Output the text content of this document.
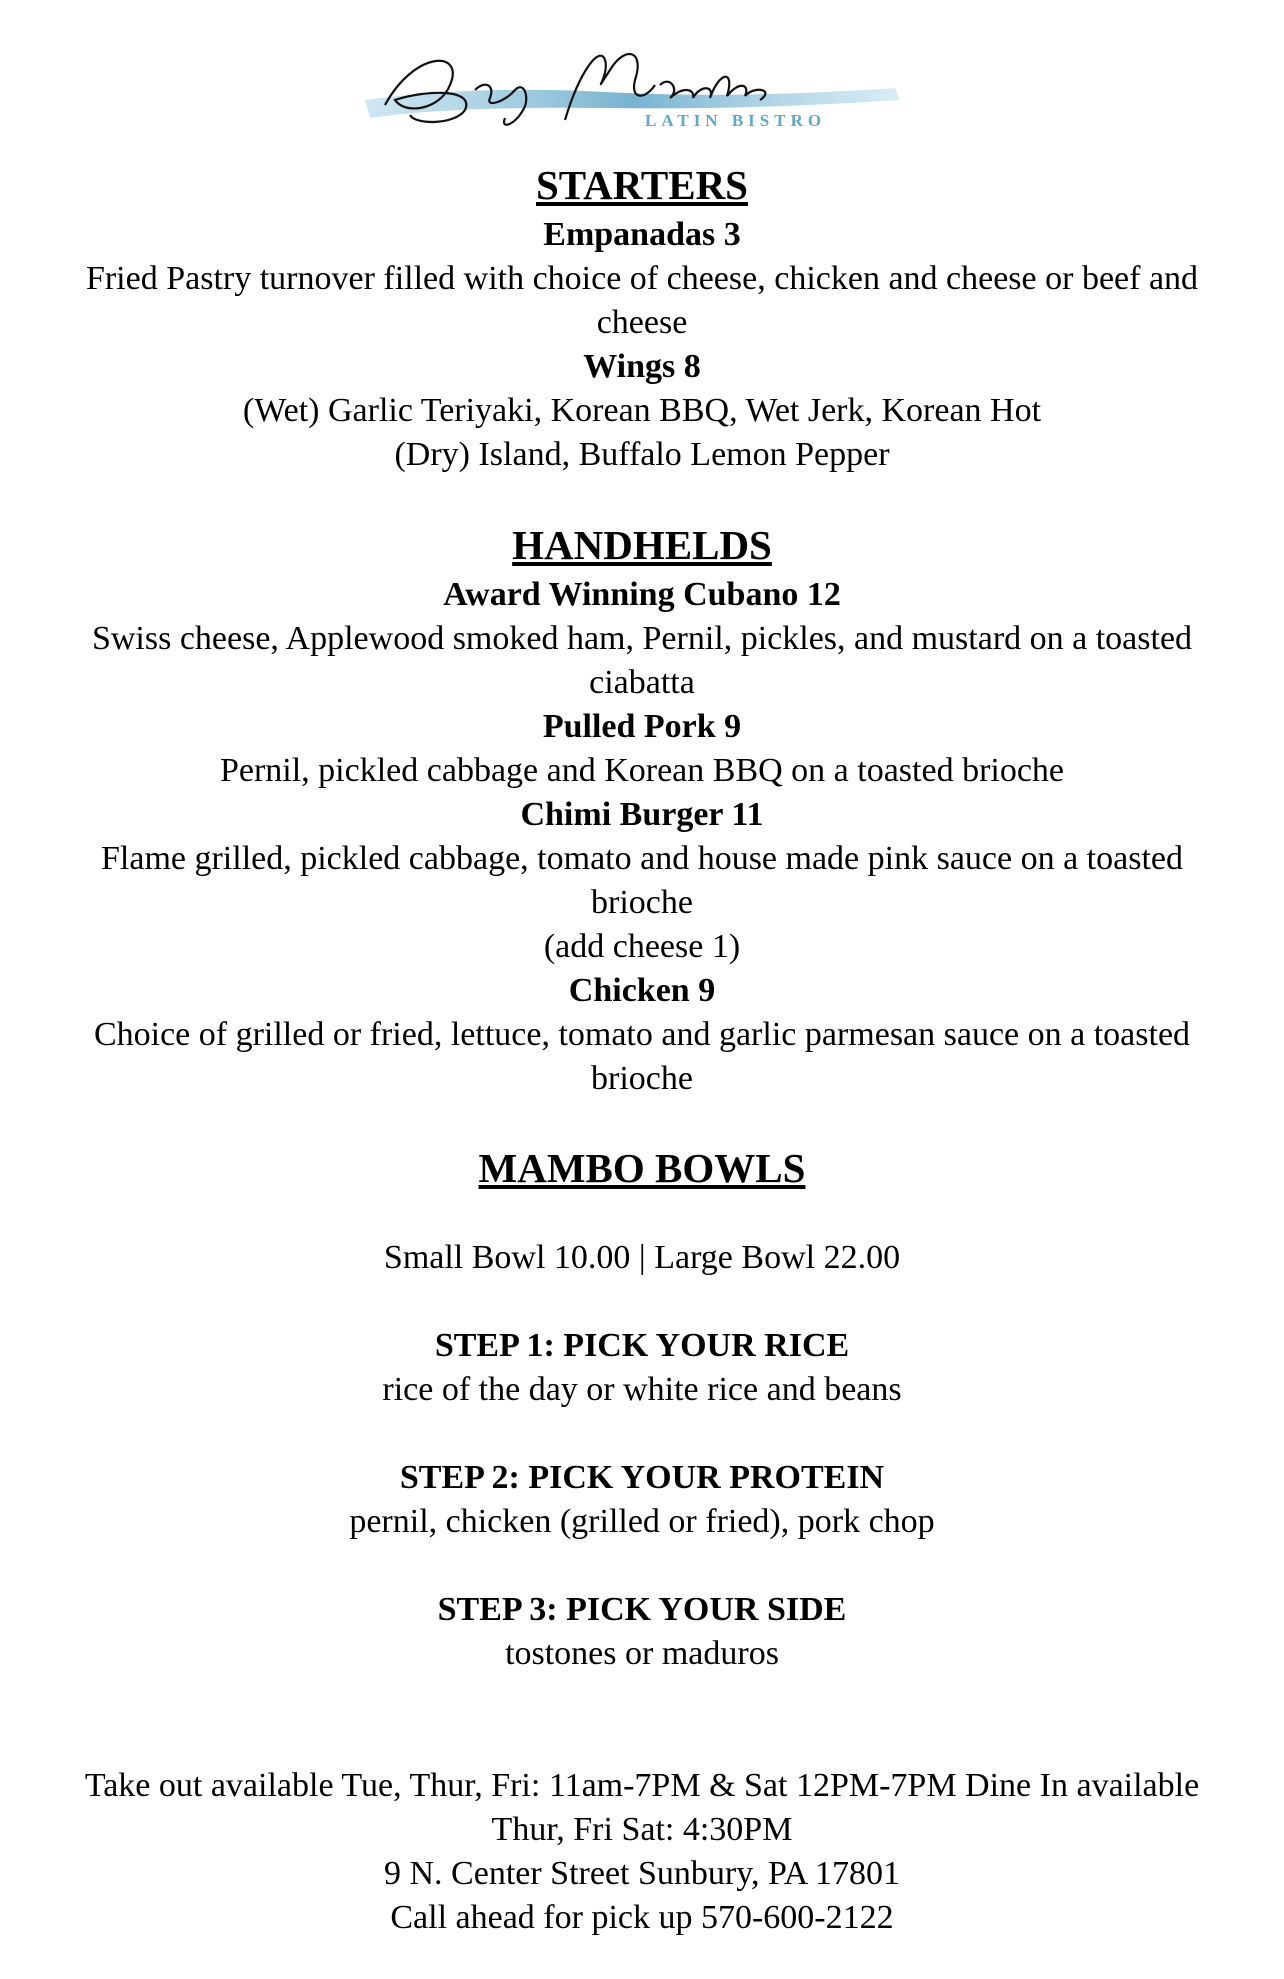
LATIN BISTRO
STARTERS
Empanadas 3
Fried Pastry turnover filled with choice of cheese, chicken and cheese or beef and
cheese
Wings 8
(Wet) Garlic Teriyaki, Korean BBQ, Wet Jerk, Korean Hot
(Dry) Island, Buffalo Lemon Pepper
HANDHELDS
Award Winning Cubano 12
Swiss cheese, Applewood smoked ham, Pernil, pickles, and mustard on a toasted
ciabatta
Pulled Pork 9
Pernil, pickled cabbage and Korean BBQ on a toasted brioche
Chimi Burger 11
Flame grilled, pickled cabbage, tomato and house made pink sauce on a toasted
brioche
(add cheese 1)
Chicken 9
Choice of grilled or fried, lettuce, tomato and garlic parmesan sauce on a toasted
brioche
MAMBO BOWLS
Small Bowl 10.00 | Large Bowl 22.00
STEP 1: PICK YOUR RICE
rice of the day or white rice and beans
STEP 2: PICK YOUR PROTEIN
pernil, chicken (grilled or fried), pork chop
STEP 3: PICK YOUR SIDE
tostones or maduros
Take out available Tue, Thur, Fri: 11am-7PM & Sat 12PM-7PM Dine In available
Thur, Fri Sat: 4:30PM
9 N. Center Street Sunbury, PA 17801
Call ahead for pick up 570-600-2122
